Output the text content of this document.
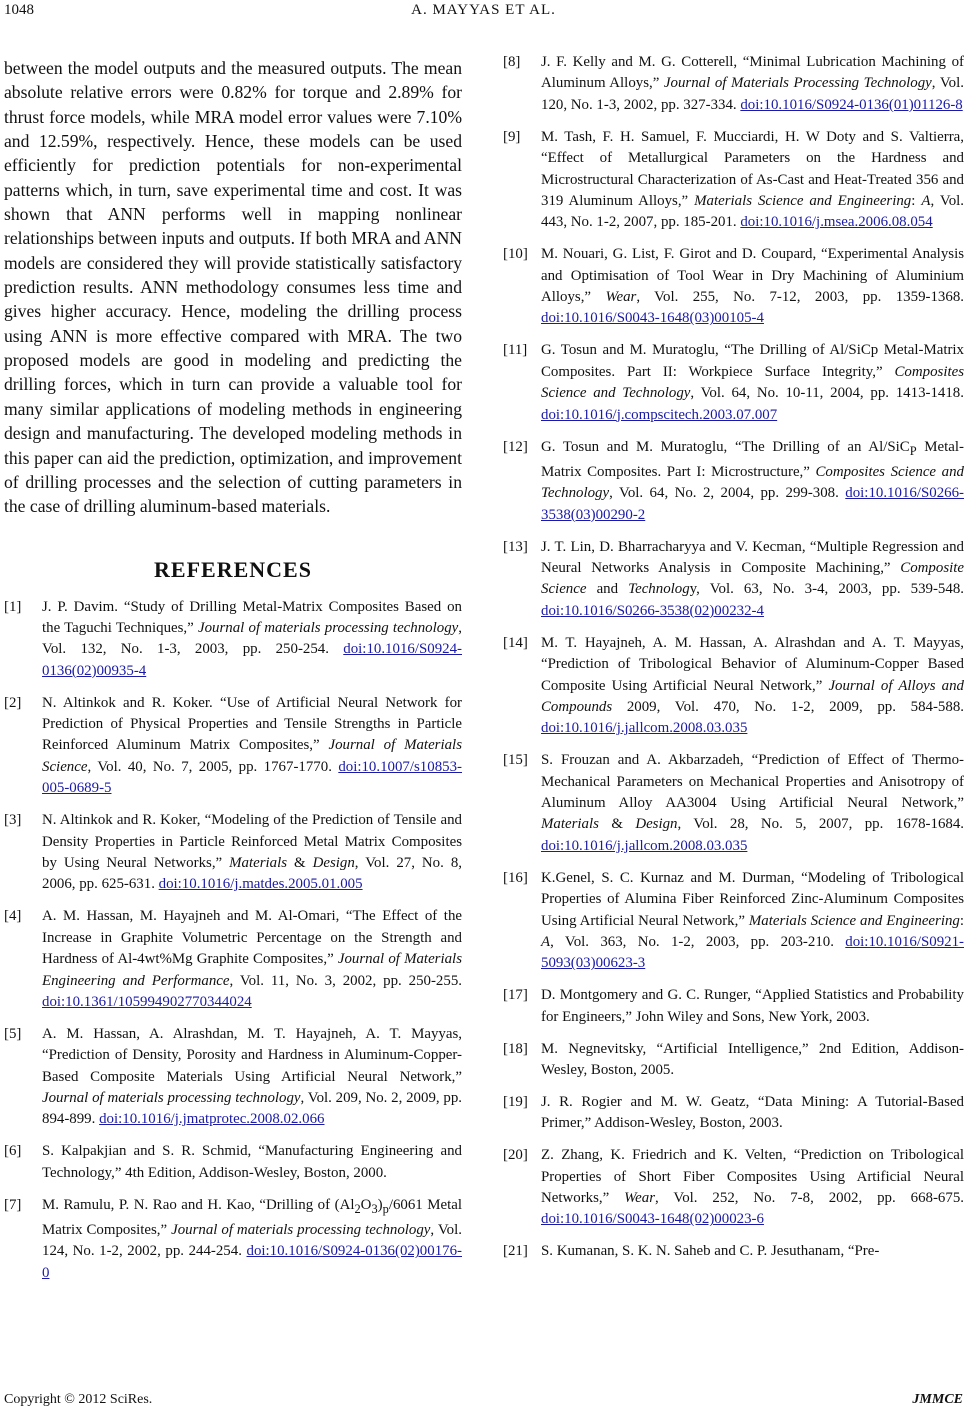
1048	A. MAYYAS ET AL.

between the model outputs and the measured outputs. The mean absolute relative errors were 0.82% for torque and 2.89% for thrust force models, while MRA model error values were 7.10% and 12.59%, respectively. Hence, these models can be used efficiently for prediction potentials for non-experimental patterns which, in turn, save experimental time and cost. It was shown that ANN performs well in mapping nonlinear relationships between inputs and outputs. If both MRA and ANN models are considered they will provide statistically satisfactory prediction results. ANN methodology consumes less time and gives higher accuracy. Hence, modeling the drilling process using ANN is more effective compared with MRA. The two proposed models are good in modeling and predicting the drilling forces, which in turn can provide a valuable tool for many similar applications of modeling methods in engineering design and manufacturing. The developed modeling methods in this paper can aid the prediction, optimization, and improvement of drilling processes and the selection of cutting parameters in the case of drilling aluminum-based materials.

REFERENCES
[1] J. P. Davim. “Study of Drilling Metal-Matrix Composites Based on the Taguchi Techniques,” Journal of materials processing technology, Vol. 132, No. 1-3, 2003, pp. 250-254. doi:10.1016/S0924-0136(02)00935-4
[2] N. Altinkok and R. Koker. “Use of Artificial Neural Network for Prediction of Physical Properties and Tensile Strengths in Particle Reinforced Aluminum Matrix Composites,” Journal of Materials Science, Vol. 40, No. 7, 2005, pp. 1767-1770. doi:10.1007/s10853-005-0689-5
[3] N. Altinkok and R. Koker, “Modeling of the Prediction of Tensile and Density Properties in Particle Reinforced Metal Matrix Composites by Using Neural Networks,” Materials & Design, Vol. 27, No. 8, 2006, pp. 625-631. doi:10.1016/j.matdes.2005.01.005
[4] A. M. Hassan, M. Hayajneh and M. Al-Omari, “The Effect of the Increase in Graphite Volumetric Percentage on the Strength and Hardness of Al-4wt%Mg Graphite Composites,” Journal of Materials Engineering and Performance, Vol. 11, No. 3, 2002, pp. 250-255. doi:10.1361/105994902770344024
[5] A. M. Hassan, A. Alrashdan, M. T. Hayajneh, A. T. Mayyas, “Prediction of Density, Porosity and Hardness in Aluminum-Copper-Based Composite Materials Using Artificial Neural Network,” Journal of materials processing technology, Vol. 209, No. 2, 2009, pp. 894-899. doi:10.1016/j.jmatprotec.2008.02.066
[6] S. Kalpakjian and S. R. Schmid, “Manufacturing Engineering and Technology,” 4th Edition, Addison-Wesley, Boston, 2000.
[7] M. Ramulu, P. N. Rao and H. Kao, “Drilling of $(Al_2O_3)_p/6061$ Metal Matrix Composites,” Journal of materials processing technology, Vol. 124, No. 1-2, 2002, pp. 244-254. doi:10.1016/S0924-0136(02)00176-0
[8] J. F. Kelly and M. G. Cotterell, “Minimal Lubrication Machining of Aluminum Alloys,” Journal of Materials Processing Technology, Vol. 120, No. 1-3, 2002, pp. 327-334. doi:10.1016/S0924-0136(01)01126-8
[9] M. Tash, F. H. Samuel, F. Mucciardi, H. W Doty and S. Valtierra, “Effect of Metallurgical Parameters on the Hardness and Microstructural Characterization of As-Cast and Heat-Treated 356 and 319 Aluminum Alloys,” Materials Science and Engineering: A, Vol. 443, No. 1-2, 2007, pp. 185-201. doi:10.1016/j.msea.2006.08.054
[10] M. Nouari, G. List, F. Girot and D. Coupard, “Experimental Analysis and Optimisation of Tool Wear in Dry Machining of Aluminium Alloys,” Wear, Vol. 255, No. 7-12, 2003, pp. 1359-1368. doi:10.1016/S0043-1648(03)00105-4
[11] G. Tosun and M. Muratoglu, “The Drilling of Al/SiCp Metal-Matrix Composites. Part II: Workpiece Surface Integrity,” Composites Science and Technology, Vol. 64, No. 10-11, 2004, pp. 1413-1418. doi:10.1016/j.compscitech.2003.07.007
[12] G. Tosun and M. Muratoglu, “The Drilling of an Al/SiC$_P$ Metal-Matrix Composites. Part I: Microstructure,” Composites Science and Technology, Vol. 64, No. 2, 2004, pp. 299-308. doi:10.1016/S0266-3538(03)00290-2
[13] J. T. Lin, D. Bharracharyya and V. Kecman, “Multiple Regression and Neural Networks Analysis in Composite Machining,” Composite Science and Technology, Vol. 63, No. 3-4, 2003, pp. 539-548. doi:10.1016/S0266-3538(02)00232-4
[14] M. T. Hayajneh, A. M. Hassan, A. Alrashdan and A. T. Mayyas, “Prediction of Tribological Behavior of Aluminum-Copper Based Composite Using Artificial Neural Network,” Journal of Alloys and Compounds 2009, Vol. 470, No. 1-2, 2009, pp. 584-588. doi:10.1016/j.jallcom.2008.03.035
[15] S. Frouzan and A. Akbarzadeh, “Prediction of Effect of Thermo-Mechanical Parameters on Mechanical Properties and Anisotropy of Aluminum Alloy AA3004 Using Artificial Neural Network,” Materials & Design, Vol. 28, No. 5, 2007, pp. 1678-1684. doi:10.1016/j.jallcom.2008.03.035
[16] K.Genel, S. C. Kurnaz and M. Durman, “Modeling of Tribological Properties of Alumina Fiber Reinforced Zinc-Aluminum Composites Using Artificial Neural Network,” Materials Science and Engineering: A, Vol. 363, No. 1-2, 2003, pp. 203-210. doi:10.1016/S0921-5093(03)00623-3
[17] D. Montgomery and G. C. Runger, “Applied Statistics and Probability for Engineers,” John Wiley and Sons, New York, 2003.
[18] M. Negnevitsky, “Artificial Intelligence,” 2nd Edition, Addison-Wesley, Boston, 2005.
[19] J. R. Rogier and M. W. Geatz, “Data Mining: A Tutorial-Based Primer,” Addison-Wesley, Boston, 2003.
[20] Z. Zhang, K. Friedrich and K. Velten, “Prediction on Tribological Properties of Short Fiber Composites Using Artificial Neural Networks,” Wear, Vol. 252, No. 7-8, 2002, pp. 668-675. doi:10.1016/S0043-1648(02)00023-6
[21] S. Kumanan, S. K. N. Saheb and C. P. Jesuthanam, “Pre-
Copyright © 2012 SciRes.	JMMCE
